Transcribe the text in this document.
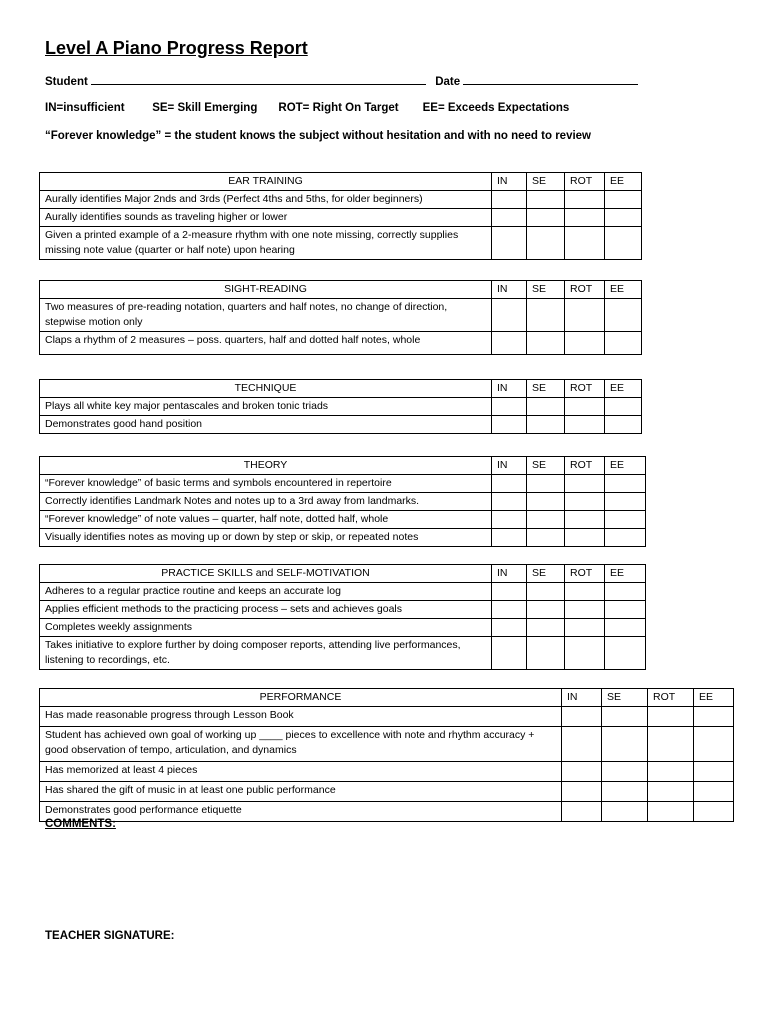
Level A Piano Progress Report
Student	Date
IN=insufficient SE= Skill Emerging ROT= Right On Target EE= Exceeds Expectations
“Forever knowledge” = the student knows the subject without hesitation and with no need to review
EAR TRAINING	IN	SE	ROT	EE
Aurally identifies Major 2nds and 3rds (Perfect 4ths and 5ths, for older beginners)				
Aurally identifies sounds as traveling higher or lower				
Given a printed example of a 2-measure rhythm with one note missing, correctly supplies missing note value (quarter or half note) upon hearing				
SIGHT-READING	IN	SE	ROT	EE
Two measures of pre-reading notation, quarters and half notes, no change of direction, stepwise motion only				
Claps a rhythm of 2 measures – poss. quarters, half and dotted half notes, whole				
TECHNIQUE	IN	SE	ROT	EE
Plays all white key major pentascales and broken tonic triads				
Demonstrates good hand position				
THEORY	IN	SE	ROT	EE
“Forever knowledge” of basic terms and symbols encountered in repertoire				
Correctly identifies Landmark Notes and notes up to a 3rd away from landmarks.				
“Forever knowledge” of note values – quarter, half note, dotted half, whole				
Visually identifies notes as moving up or down by step or skip, or repeated notes				
PRACTICE SKILLS and SELF-MOTIVATION	IN	SE	ROT	EE
Adheres to a regular practice routine and keeps an accurate log				
Applies efficient methods to the practicing process – sets and achieves goals				
Completes weekly assignments				
Takes initiative to explore further by doing composer reports, attending live performances, listening to recordings, etc.				
PERFORMANCE	IN	SE	ROT	EE
Has made reasonable progress through Lesson Book				
Student has achieved own goal of working up ____ pieces to excellence with note and rhythm accuracy + good observation of tempo, articulation, and dynamics				
Has memorized at least 4 pieces				
Has shared the gift of music in at least one public performance				
Demonstrates good performance etiquette				
COMMENTS:
TEACHER SIGNATURE:
